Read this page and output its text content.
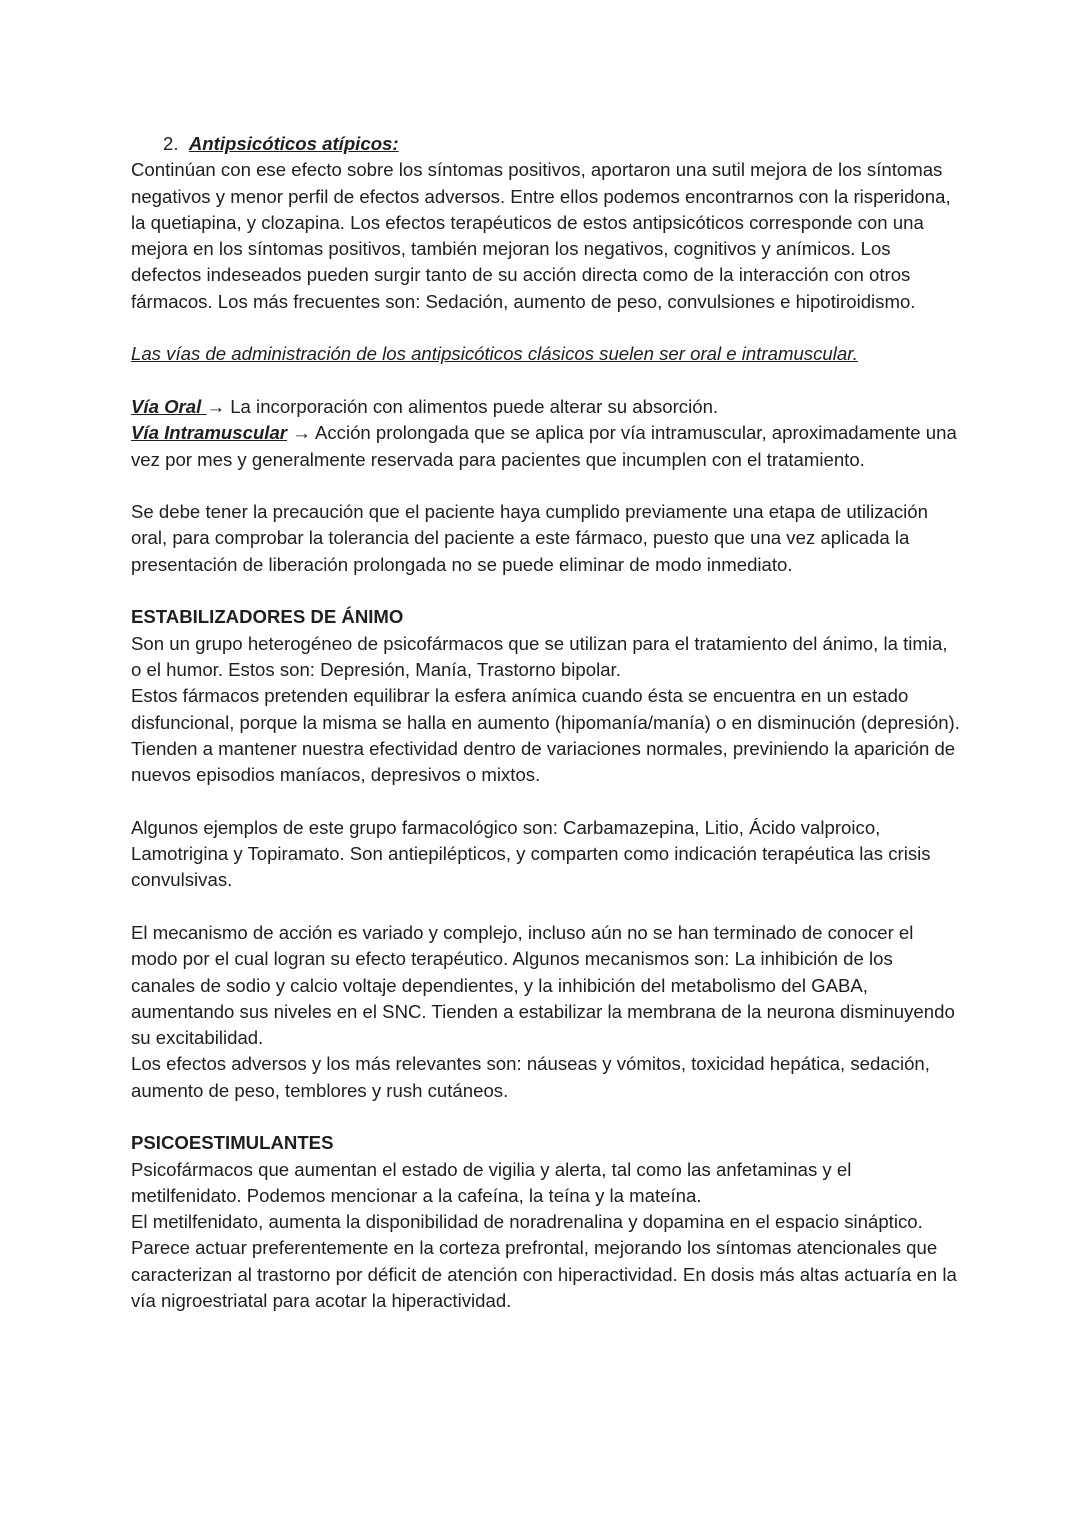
2. Antipsicóticos atípicos:

Continúan con ese efecto sobre los síntomas positivos, aportaron una sutil mejora de los síntomas negativos y menor perfil de efectos adversos. Entre ellos podemos encontrarnos con la risperidona, la quetiapina, y clozapina. Los efectos terapéuticos de estos antipsicóticos corresponde con una mejora en los síntomas positivos, también mejoran los negativos, cognitivos y anímicos. Los defectos indeseados pueden surgir tanto de su acción directa como de la interacción con otros fármacos. Los más frecuentes son: Sedación, aumento de peso, convulsiones e hipotiroidismo.

Las vías de administración de los antipsicóticos clásicos suelen ser oral e intramuscular.

Vía Oral → La incorporación con alimentos puede alterar su absorción.

Vía Intramuscular → Acción prolongada que se aplica por vía intramuscular, aproximadamente una vez por mes y generalmente reservada para pacientes que incumplen con el tratamiento.

Se debe tener la precaución que el paciente haya cumplido previamente una etapa de utilización oral, para comprobar la tolerancia del paciente a este fármaco, puesto que una vez aplicada la presentación de liberación prolongada no se puede eliminar de modo inmediato.

ESTABILIZADORES DE ÁNIMO

Son un grupo heterogéneo de psicofármacos que se utilizan para el tratamiento del ánimo, la timia, o el humor. Estos son: Depresión, Manía, Trastorno bipolar.

Estos fármacos pretenden equilibrar la esfera anímica cuando ésta se encuentra en un estado disfuncional, porque la misma se halla en aumento (hipomanía/manía) o en disminución (depresión). Tienden a mantener nuestra efectividad dentro de variaciones normales, previniendo la aparición de nuevos episodios maníacos, depresivos o mixtos.

Algunos ejemplos de este grupo farmacológico son: Carbamazepina, Litio, Ácido valproico, Lamotrigina y Topiramato. Son antiepilépticos, y comparten como indicación terapéutica las crisis convulsivas.

El mecanismo de acción es variado y complejo, incluso aún no se han terminado de conocer el modo por el cual logran su efecto terapéutico. Algunos mecanismos son: La inhibición de los canales de sodio y calcio voltaje dependientes, y la inhibición del metabolismo del GABA, aumentando sus niveles en el SNC. Tienden a estabilizar la membrana de la neurona disminuyendo su excitabilidad.

Los efectos adversos y los más relevantes son: náuseas y vómitos, toxicidad hepática, sedación, aumento de peso, temblores y rush cutáneos.

PSICOESTIMULANTES

Psicofármacos que aumentan el estado de vigilia y alerta, tal como las anfetaminas y el metilfenidato. Podemos mencionar a la cafeína, la teína y la mateína.

El metilfenidato, aumenta la disponibilidad de noradrenalina y dopamina en el espacio sináptico. Parece actuar preferentemente en la corteza prefrontal, mejorando los síntomas atencionales que caracterizan al trastorno por déficit de atención con hiperactividad. En dosis más altas actuaría en la vía nigroestriatal para acotar la hiperactividad.
